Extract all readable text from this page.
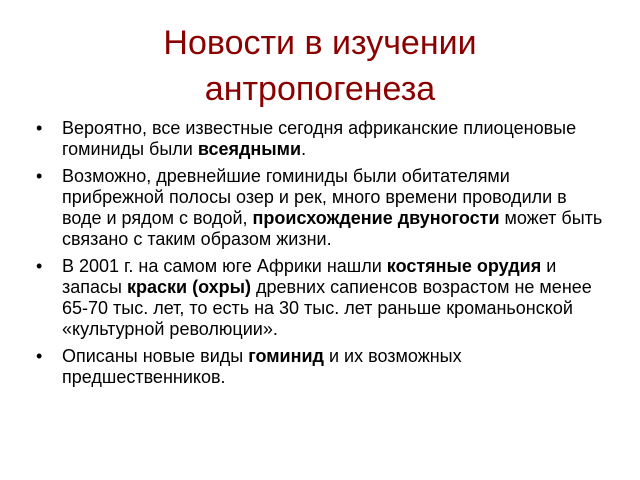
Новости в изучении
антропогенеза
• Вероятно, все известные сегодня африканские плиоценовые гоминиды были всеядными.
• Возможно, древнейшие гоминиды были обитателями прибрежной полосы озер и рек, много времени проводили в воде и рядом с водой, происхождение двуногости может быть связано с таким образом жизни.
• В 2001 г. на самом юге Африки нашли костяные орудия и запасы краски (охры) древних сапиенсов возрастом не менее 65-70 тыс. лет, то есть на 30 тыс. лет раньше кроманьонской «культурной революции».
• Описаны новые виды гоминид и их возможных предшественников.
